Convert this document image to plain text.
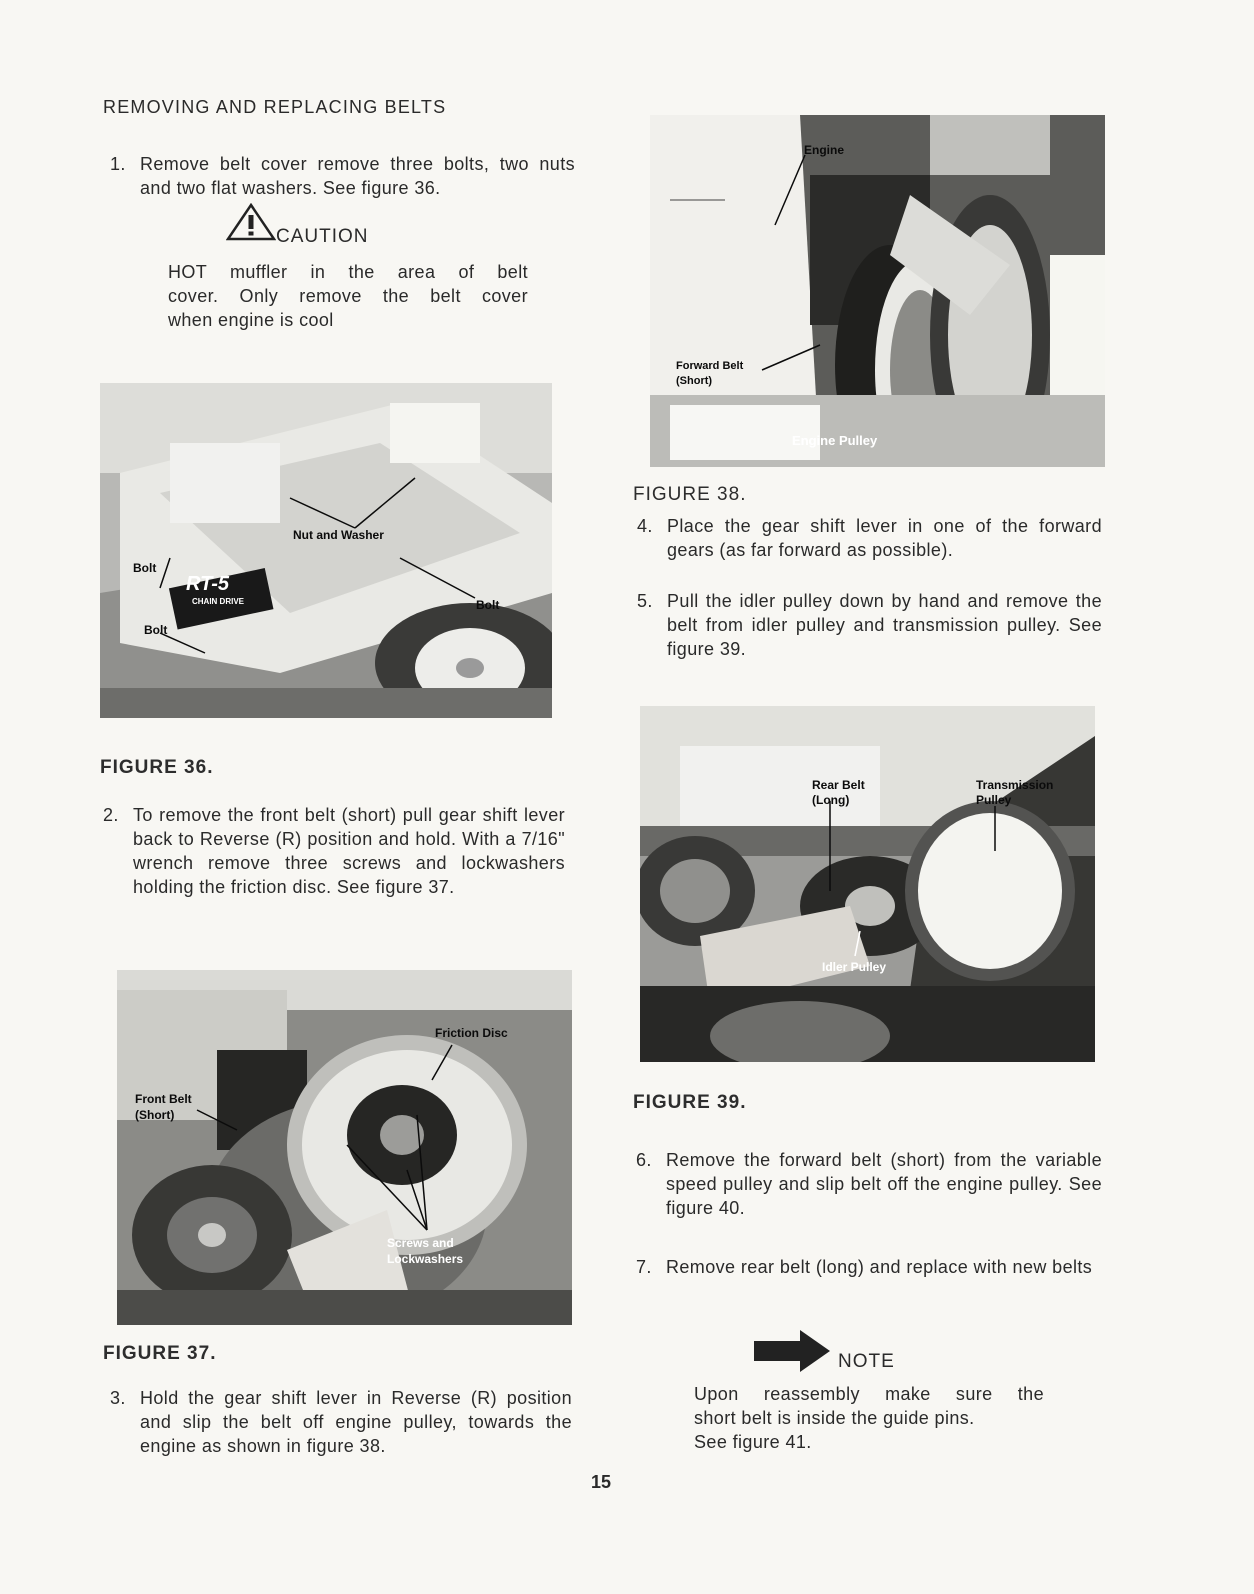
REMOVING AND REPLACING BELTS
1. Remove belt cover remove three bolts, two nuts and two flat washers. See figure 36.
CAUTION
HOT muffler in the area of belt
cover. Only remove the belt cover
when engine is cool
Nut and Washer
Bolt
Bolt
Bolt
RT-5
CHAIN DRIVE
FIGURE 36.
2. To remove the front belt (short) pull gear shift lever back to Reverse (R) position and hold. With a 7/16" wrench remove three screws and lockwashers holding the friction disc. See figure 37.
Friction Disc
Front Belt
(Short)
Screws and
Lockwashers
FIGURE 37.
3. Hold the gear shift lever in Reverse (R) position and slip the belt off engine pulley, towards the engine as shown in figure 38.
Engine
Forward Belt
(Short)
Engine Pulley
FIGURE 38.
4. Place the gear shift lever in one of the forward gears (as far forward as possible).
5. Pull the idler pulley down by hand and remove the belt from idler pulley and transmission pulley. See figure 39.
Rear Belt
(Long)
Transmission
Pulley
Idler Pulley
FIGURE 39.
6. Remove the forward belt (short) from the variable speed pulley and slip belt off the engine pulley. See figure 40.
7. Remove rear belt (long) and replace with new belts
NOTE
Upon reassembly make sure the
short belt is inside the guide pins.
See figure 41.
15
